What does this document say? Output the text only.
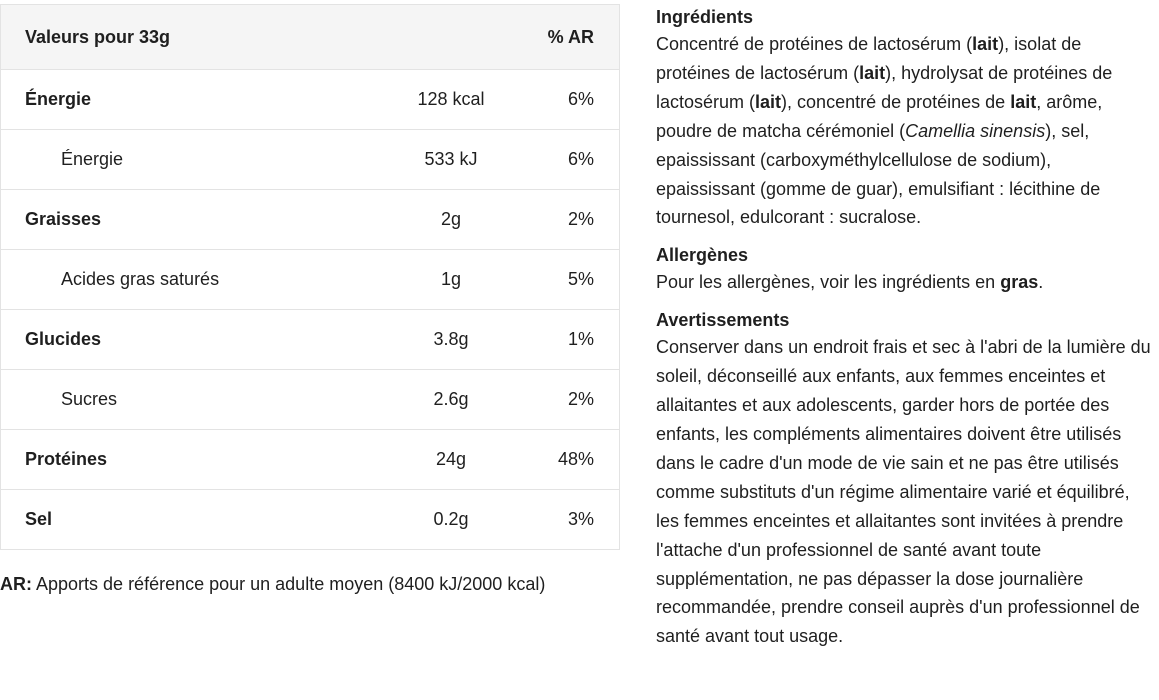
Valeurs pour 33g		% AR
Énergie	128 kcal	6%
Énergie	533 kJ	6%
Graisses	2g	2%
Acides gras saturés	1g	5%
Glucides	3.8g	1%
Sucres	2.6g	2%
Protéines	24g	48%
Sel	0.2g	3%
AR: Apports de référence pour un adulte moyen (8400 kJ/2000 kcal)
Ingrédients

Concentré de protéines de lactosérum (lait), isolat de protéines de lactosérum (lait), hydrolysat de protéines de lactosérum (lait), concentré de protéines de lait, arôme, poudre de matcha cérémoniel (Camellia sinensis), sel, epaississant (carboxyméthylcellulose de sodium), epaississant (gomme de guar), emulsifiant : lécithine de tournesol, edulcorant : sucralose.

Allergènes

Pour les allergènes, voir les ingrédients en gras.

Avertissements

Conserver dans un endroit frais et sec à l'abri de la lumière du soleil, déconseillé aux enfants, aux femmes enceintes et allaitantes et aux adolescents, garder hors de portée des enfants, les compléments alimentaires doivent être utilisés dans le cadre d'un mode de vie sain et ne pas être utilisés comme substituts d'un régime alimentaire varié et équilibré, les femmes enceintes et allaitantes sont invitées à prendre l'attache d'un professionnel de santé avant toute supplémentation, ne pas dépasser la dose journalière recommandée, prendre conseil auprès d'un professionnel de santé avant tout usage.
